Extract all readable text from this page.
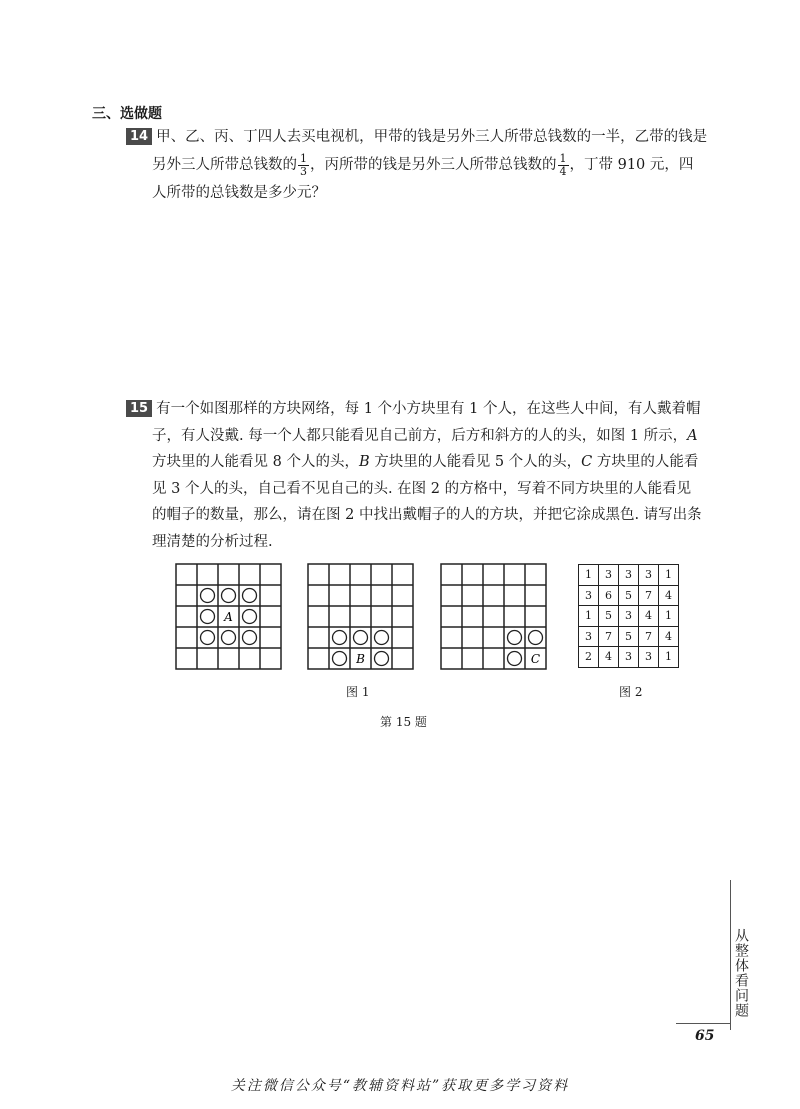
三、选做题

14 甲、乙、丙、丁四人去买电视机，甲带的钱是另外三人所带总钱数的一半，乙带的钱是

另外三人所带总钱数的 $\frac{1}{3}$ ，丙所带的钱是另外三人所带总钱数的 $\frac{1}{4}$ ，丁带 910 元，四

人所带的总钱数是多少元？

15 有一个如图那样的方块网络，每 1 个小方块里有 1 个人，在这些人中间，有人戴着帽

子，有人没戴. 每一个人都只能看见自己前方，后方和斜方的人的头，如图 1 所示，A

方块里的人能看见 8 个人的头，B 方块里的人能看见 5 个人的头，C 方块里的人能看

见 3 个人的头，自己看不见自己的头. 在图 2 的方格中，写着不同方块里的人能看见

的帽子的数量，那么，请在图 2 中找出戴帽子的人的方块，并把它涂成黑色. 请写出条

理清楚的分析过程.

A
B	C
1	3	3	3	1
3	6	5	7	4
1	5	3	4	1
3	7	5	7	4
2	4	3	3	1
图 1	图 2
第 15 题
从整体看问题
65
关注微信公众号“教辅资料站”获取更多学习资料
